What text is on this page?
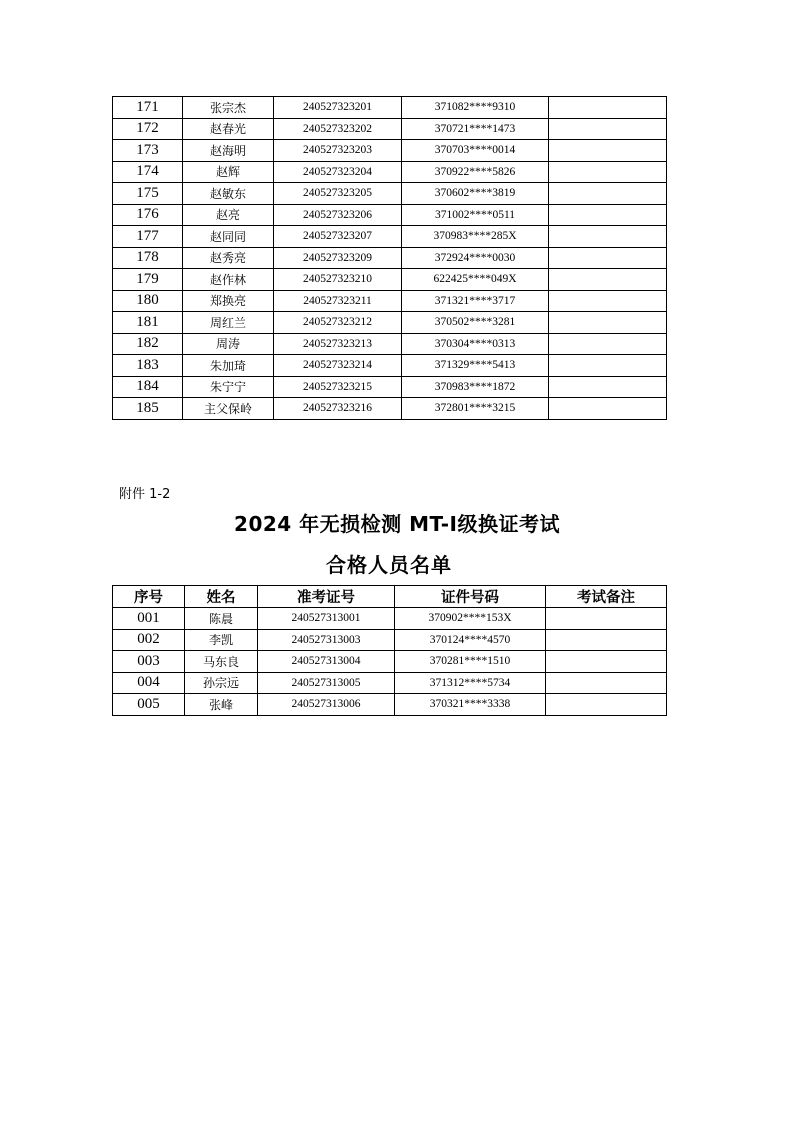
171	张宗杰	240527323201	371082****9310	
172	赵春光	240527323202	370721****1473	
173	赵海明	240527323203	370703****0014	
174	赵辉	240527323204	370922****5826	
175	赵敏东	240527323205	370602****3819	
176	赵亮	240527323206	371002****0511	
177	赵同同	240527323207	370983****285X	
178	赵秀亮	240527323209	372924****0030	
179	赵作林	240527323210	622425****049X	
180	郑换亮	240527323211	371321****3717	
181	周红兰	240527323212	370502****3281	
182	周涛	240527323213	370304****0313	
183	朱加琦	240527323214	371329****5413	
184	朱宁宁	240527323215	370983****1872	
185	主父保岭	240527323216	372801****3215	
附件 1-2
2024 年无损检测 MT-Ⅰ级换证考试
合格人员名单
序号	姓名	准考证号	证件号码	考试备注
001	陈晨	240527313001	370902****153X	
002	李凯	240527313003	370124****4570	
003	马东良	240527313004	370281****1510	
004	孙宗远	240527313005	371312****5734	
005	张峰	240527313006	370321****3338	
